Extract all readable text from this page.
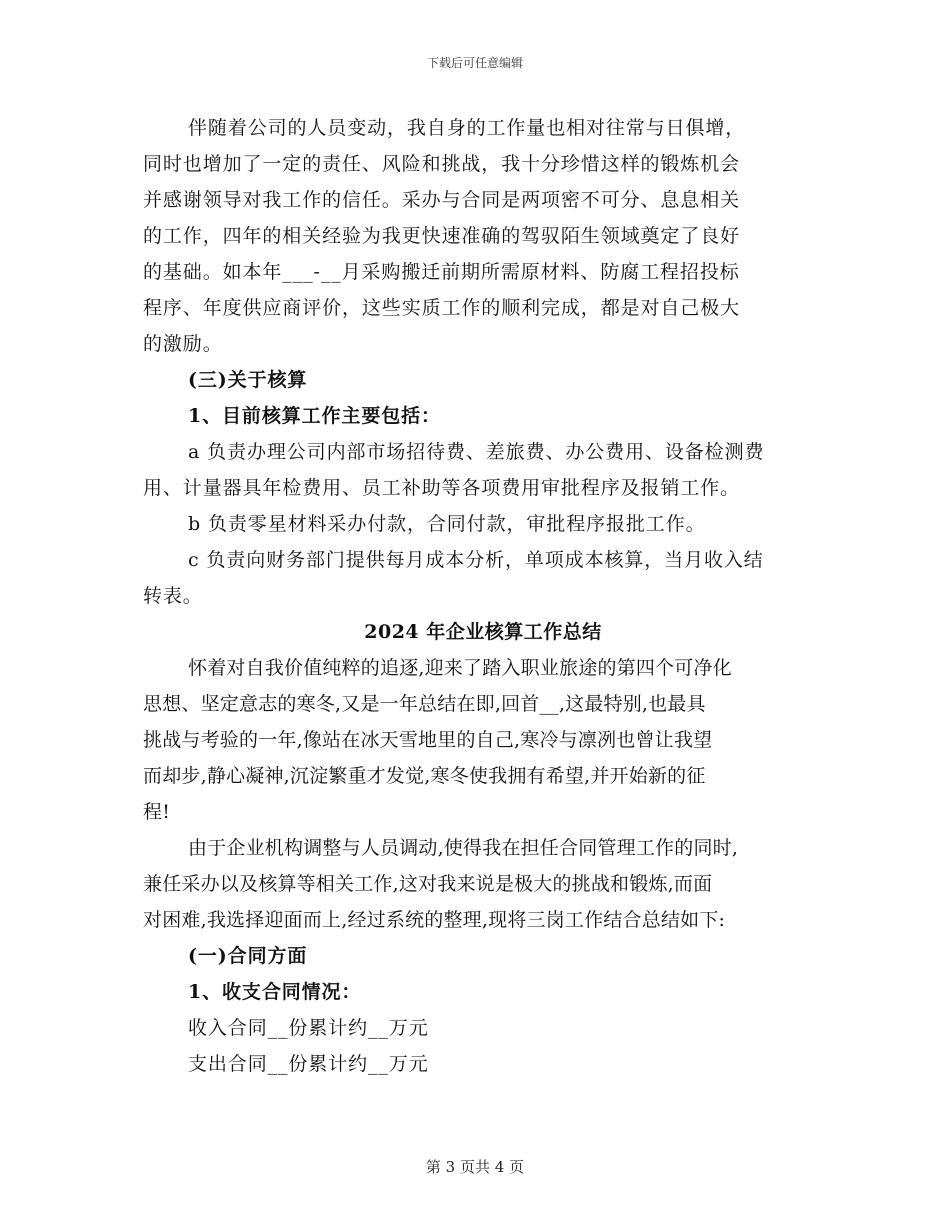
下载后可任意编辑
伴随着公司的人员变动，我自身的工作量也相对往常与日俱增，
同时也增加了一定的责任、风险和挑战，我十分珍惜这样的锻炼机会
并感谢领导对我工作的信任。采办与合同是两项密不可分、息息相关
的工作，四年的相关经验为我更快速准确的驾驭陌生领域奠定了良好
的基础。如本年___-__月采购搬迁前期所需原材料、防腐工程招投标
程序、年度供应商评价，这些实质工作的顺利完成，都是对自己极大
的激励。
(三)关于核算
1、目前核算工作主要包括：
a 负责办理公司内部市场招待费、差旅费、办公费用、设备检测费
用、计量器具年检费用、员工补助等各项费用审批程序及报销工作。
b 负责零星材料采办付款，合同付款，审批程序报批工作。
c 负责向财务部门提供每月成本分析，单项成本核算，当月收入结
转表。
2024 年企业核算工作总结
怀着对自我价值纯粹的追逐,迎来了踏入职业旅途的第四个可净化
思想、坚定意志的寒冬,又是一年总结在即,回首__,这最特别,也最具
挑战与考验的一年,像站在冰天雪地里的自己,寒冷与凛冽也曾让我望
而却步,静心凝神,沉淀繁重才发觉,寒冬使我拥有希望,并开始新的征
程!
由于企业机构调整与人员调动,使得我在担任合同管理工作的同时,
兼任采办以及核算等相关工作,这对我来说是极大的挑战和锻炼,而面
对困难,我选择迎面而上,经过系统的整理,现将三岗工作结合总结如下:
(一)合同方面
1、收支合同情况：
收入合同__份累计约__万元
支出合同__份累计约__万元
第 3 页共 4 页
